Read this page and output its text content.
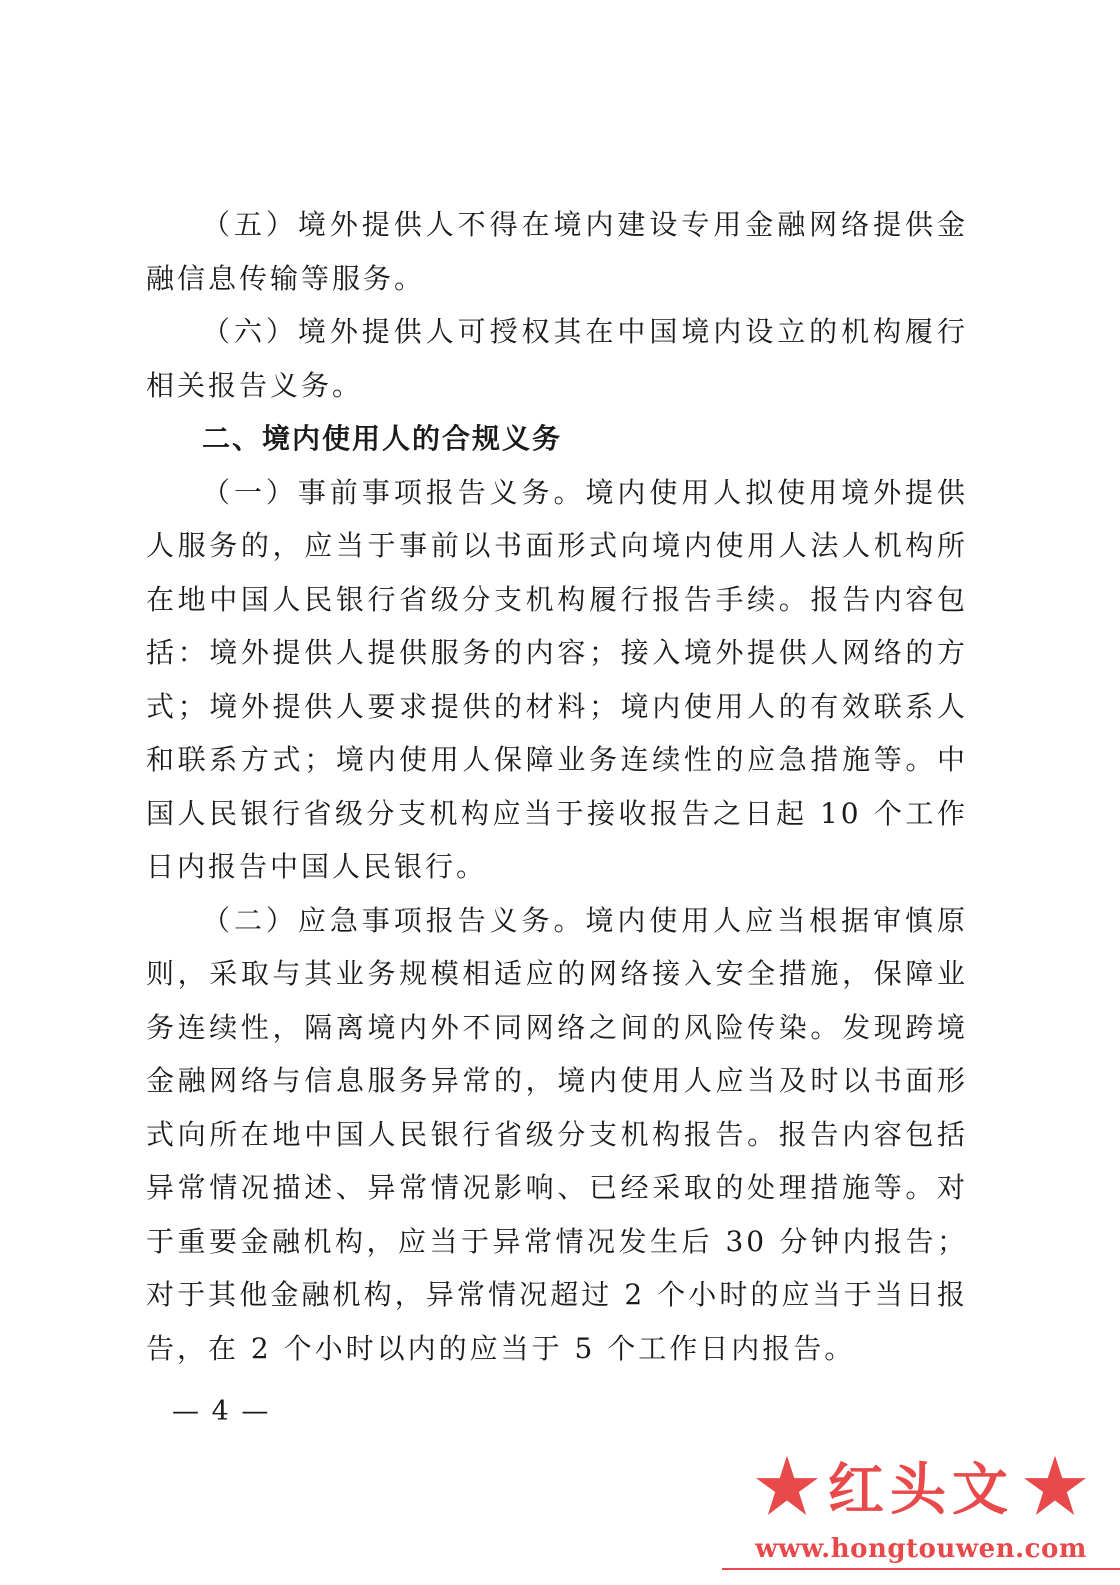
（五）境外提供人不得在境内建设专用金融网络提供金融信息传输等服务。

（六）境外提供人可授权其在中国境内设立的机构履行相关报告义务。

二、境内使用人的合规义务

（一）事前事项报告义务。境内使用人拟使用境外提供人服务的，应当于事前以书面形式向境内使用人法人机构所在地中国人民银行省级分支机构履行报告手续。报告内容包括：境外提供人提供服务的内容；接入境外提供人网络的方式；境外提供人要求提供的材料；境内使用人的有效联系人和联系方式；境内使用人保障业务连续性的应急措施等。中国人民银行省级分支机构应当于接收报告之日起 10 个工作日内报告中国人民银行。

（二）应急事项报告义务。境内使用人应当根据审慎原则，采取与其业务规模相适应的网络接入安全措施，保障业务连续性，隔离境内外不同网络之间的风险传染。发现跨境金融网络与信息服务异常的，境内使用人应当及时以书面形式向所在地中国人民银行省级分支机构报告。报告内容包括异常情况描述、异常情况影响、已经采取的处理措施等。对于重要金融机构，应当于异常情况发生后 30 分钟内报告；对于其他金融机构，异常情况超过 2 个小时的应当于当日报告，在 2 个小时以内的应当于 5 个工作日内报告。

— 4 —
红头文
www.hongtouwen.com
